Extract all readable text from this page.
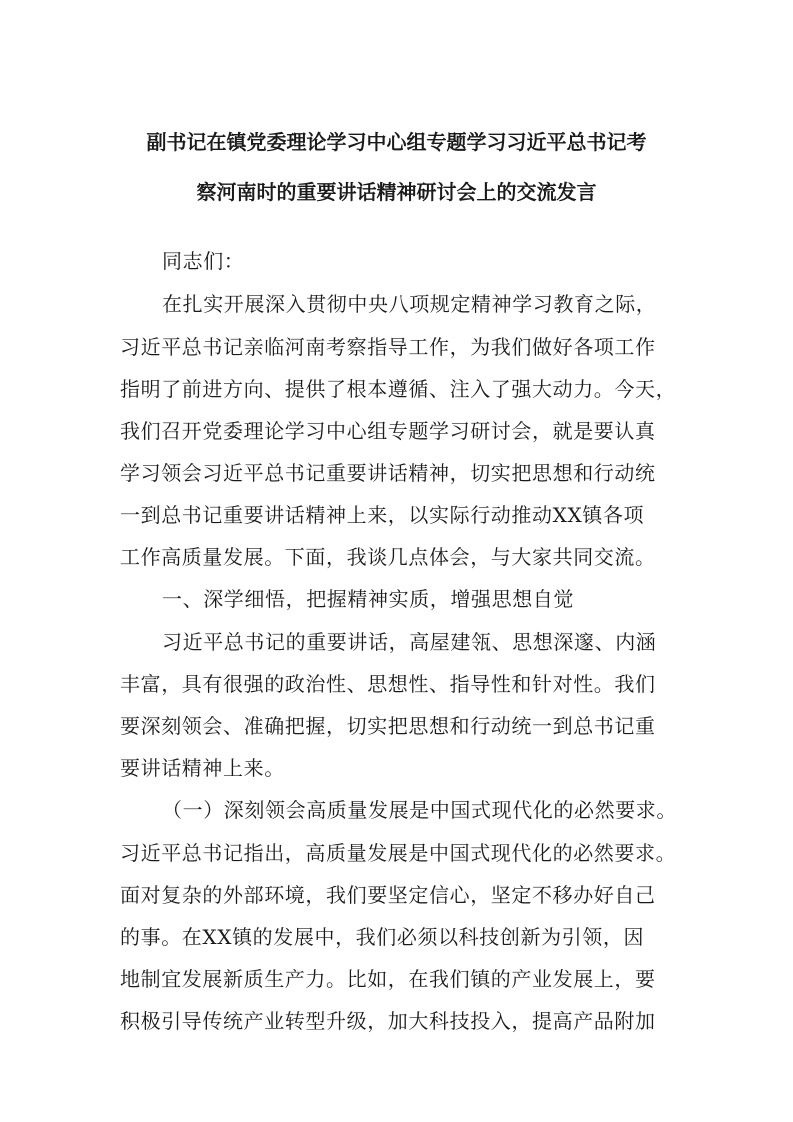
副书记在镇党委理论学习中心组专题学习习近平总书记考
察河南时的重要讲话精神研讨会上的交流发言
同志们：
在扎实开展深入贯彻中央八项规定精神学习教育之际，
习近平总书记亲临河南考察指导工作，为我们做好各项工作
指明了前进方向、提供了根本遵循、注入了强大动力。今天，
我们召开党委理论学习中心组专题学习研讨会，就是要认真
学习领会习近平总书记重要讲话精神，切实把思想和行动统
一到总书记重要讲话精神上来，以实际行动推动XX镇各项
工作高质量发展。下面，我谈几点体会，与大家共同交流。
一、深学细悟，把握精神实质，增强思想自觉
习近平总书记的重要讲话，高屋建瓴、思想深邃、内涵
丰富，具有很强的政治性、思想性、指导性和针对性。我们
要深刻领会、准确把握，切实把思想和行动统一到总书记重
要讲话精神上来。
（一）深刻领会高质量发展是中国式现代化的必然要求。
习近平总书记指出，高质量发展是中国式现代化的必然要求。
面对复杂的外部环境，我们要坚定信心，坚定不移办好自己
的事。在XX镇的发展中，我们必须以科技创新为引领，因
地制宜发展新质生产力。比如，在我们镇的产业发展上，要
积极引导传统产业转型升级，加大科技投入，提高产品附加
